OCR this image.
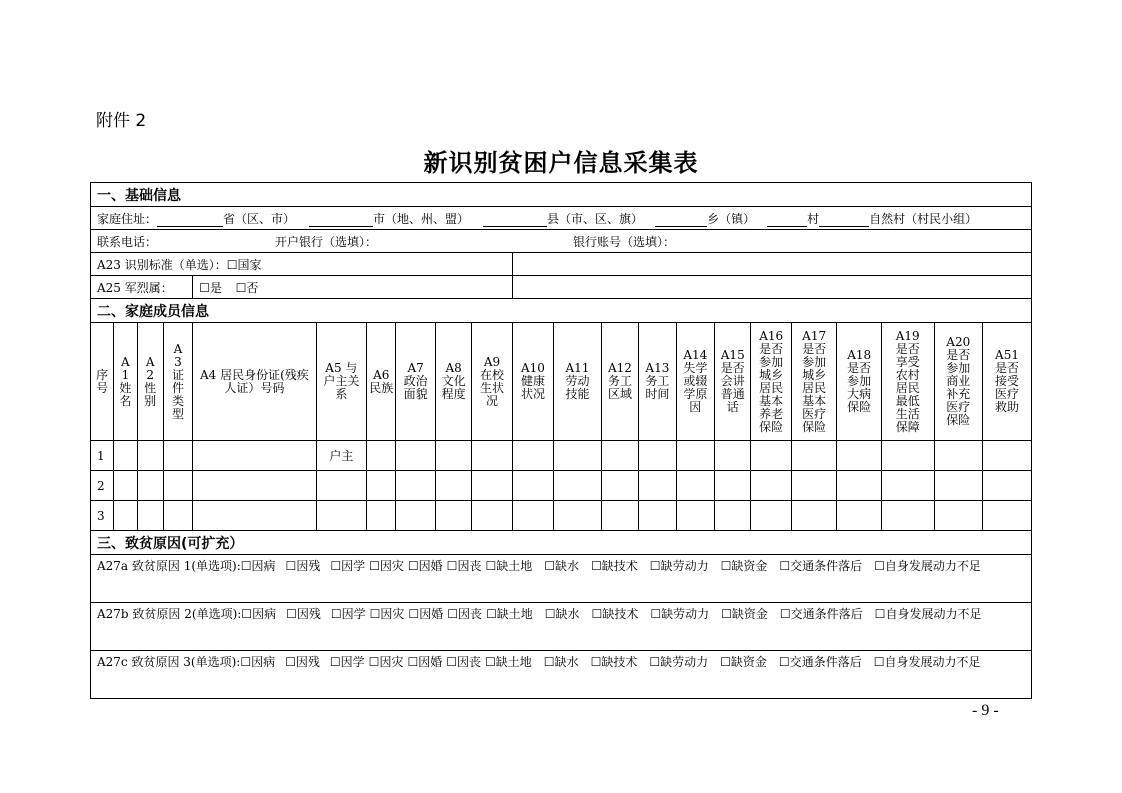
附件 2
新识别贫困户信息采集表
一、基础信息																					
家庭住址： 省（区、市） 市（地、州、盟） 县（市、区、旗） 乡（镇） 村 自然村（村民小组）																					
联系电话： 开户银行（选填）： 银行账号（选填）：																					
A23 识别标准（单选）：☐国家																					
A25 军烈属：				☐是 ☐否																	
二、家庭成员信息																					

序号	A1姓名	A2性别	A3证件类型	A4 居民身份证(残疾人证）号码	A5 与户主关系	A6民族	A7政治面貌	A8文化程度	A9在校生状况	A10健康状况	A11劳动技能	A12务工区域	A13务工时间	A14失学或辍学原因	A15是否会讲普通话	A16是否参加城乡居民基本养老保险	A17是否参加城乡居民基本医疗保险	A18是否参加大病保险	A19是否享受农村居民最低生活保障	A20是否参加商业补充医疗保险	A51是否接受医疗救助

1					户主																
2																					
3																					
三、致贫原因(可扩充）																					
A27a 致贫原因 1(单选项):☐因病 ☐因残 ☐因学 ☐因灾 ☐因婚 ☐因丧 ☐缺土地 ☐缺水 ☐缺技术 ☐缺劳动力 ☐缺资金 ☐交通条件落后 ☐自身发展动力不足																					
A27b 致贫原因 2(单选项):☐因病 ☐因残 ☐因学 ☐因灾 ☐因婚 ☐因丧 ☐缺土地 ☐缺水 ☐缺技术 ☐缺劳动力 ☐缺资金 ☐交通条件落后 ☐自身发展动力不足																					
A27c 致贫原因 3(单选项):☐因病 ☐因残 ☐因学 ☐因灾 ☐因婚 ☐因丧 ☐缺土地 ☐缺水 ☐缺技术 ☐缺劳动力 ☐缺资金 ☐交通条件落后 ☐自身发展动力不足																					
- 9 -
